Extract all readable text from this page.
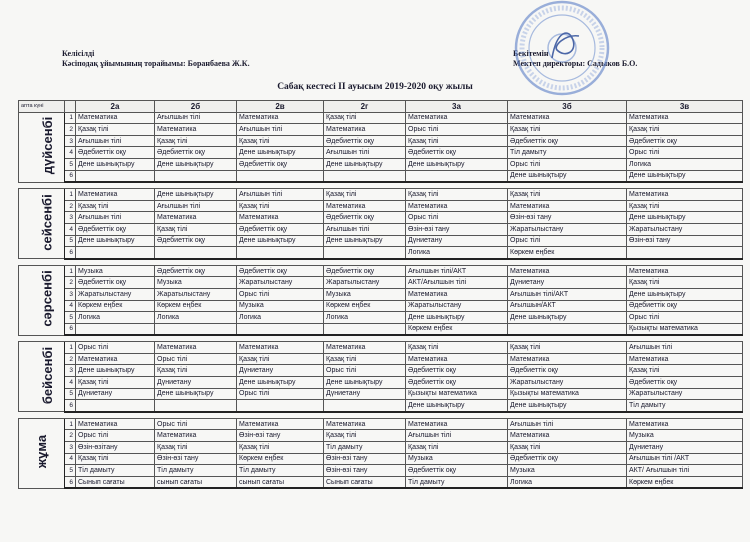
Келісілді
Кәсіподақ ұйымының торайымы: Боранбаева Ж.К.
Бекітемін
Мектеп директоры: Садыков Б.О.
Сабақ кестесі ІІ ауысым 2019-2020 оқу жылы
апта күні		2а	2б	2в	2г	3а	3б	3в
дүйсенбі	1	Математика	Ағылшын тілі	Математика	Қазақ тілі	Математика	Математика	Математика
	2	Қазақ тілі	Математика	Ағылшын тілі	Математика	Орыс тілі	Қазақ тілі	Қазақ тілі
	3	Ағылшын тілі	Қазақ тілі	Қазақ тілі	Әдебиеттік оқу	Қазақ тілі	Әдебиеттік оқу	Әдебиеттік оқу
	4	Әдебиеттік оқу	Әдебиеттік оқу	Дене шынықтыру	Ағылшын тілі	Әдебиеттік оқу	Тіл дамыту	Орыс тілі
	5	Дене шынықтыру	Дене шынықтыру	Әдебиеттік оқу	Дене шынықтыру	Дене шынықтыру	Орыс тілі	Логика
	6						Дене шынықтыру	Дене шынықтыру

сейсенбі	1	Математика	Дене шынықтыру	Ағылшын тілі	Қазақ тілі	Қазақ тілі	Қазақ тілі	Математика
	2	Қазақ тілі	Ағылшын тілі	Қазақ тілі	Математика	Математика	Математика	Қазақ тілі
	3	Ағылшын тілі	Математика	Математика	Әдебиеттік оқу	Орыс тілі	Өзін-өзі тану	Дене шынықтыру
	4	Әдебиеттік оқу	Қазақ тілі	Әдебиеттік оқу	Ағылшын тілі	Өзін-өзі тану	Жаратылыстану	Жаратылыстану
	5	Дене шынықтыру	Әдебиеттік оқу	Дене шынықтыру	Дене шынықтыру	Дүниетану	Орыс тілі	Өзін-өзі тану
	6					Логика	Көркем еңбек	

сәрсенбі	1	Музыка	Әдебиеттік оқу	Әдебиеттік оқу	Әдебиеттік оқу	Ағылшын тілі/АКТ	Математика	Математика
	2	Әдебиеттік оқу	Музыка	Жаратылыстану	Жаратылыстану	АКТ/Ағылшын тілі	Дүниетану	Қазақ тілі
	3	Жаратылыстану	Жаратылыстану	Орыс тілі	Музыка	Математика	Ағылшын тілі/АКТ	Дене шынықтыру
	4	Көркем еңбек	Көркем еңбек	Музыка	Көркем еңбек	Жаратылыстану	Ағылшын/АКТ	Әдебиеттік оқу
	5	Логика	Логика	Логика	Логика	Дене шынықтыру	Дене шынықтыру	Орыс тілі
	6					Көркем еңбек		Қызықты математика

бейсенбі	1	Орыс тілі	Математика	Математика	Математика	Қазақ тілі	Қазақ тілі	Ағылшын тілі
	2	Математика	Орыс тілі	Қазақ тілі	Қазақ тілі	Математика	Математика	Математика
	3	Дене шынықтыру	Қазақ тілі	Дүниетану	Орыс тілі	Әдебиеттік оқу	Әдебиеттік оқу	Қазақ тілі
	4	Қазақ тілі	Дүниетану	Дене шынықтыру	Дене шынықтыру	Әдебиеттік оқу	Жаратылыстану	Әдебиеттік оқу
	5	Дүниетану	Дене шынықтыру	Орыс тілі	Дүниетану	Қызықты математика	Қызықты математика	Жаратылыстану
	6					Дене шынықтыру	Дене шынықтыру	Тіл дамыту

жұма	1	Математика	Орыс тілі	Математика	Математика	Математика	Ағылшын тілі	Математика
	2	Орыс тілі	Математика	Өзін-өзі тану	Қазақ тілі	Ағылшын тілі	Математика	Музыка
	3	Өзін-өзітану	Қазақ тілі	Қазақ тілі	Тіл дамыту	Қазақ тілі	Қазақ тілі	Дүниетану
	4	Қазақ тілі	Өзін-өзі тану	Көркем еңбек	Өзін-өзі тану	Музыка	Әдебиеттік оқу	Ағылшын тілі /АКТ
	5	Тіл дамыту	Тіл дамыту	Тіл дамыту	Өзін-өзі тану	Әдебиеттік оқу	Музыка	АКТ/ Ағылшын тілі
	6	Сынып сағаты	сынып сағаты	сынып сағаты	Сынып сағаты	Тіл дамыту	Логика	Көркем еңбек
